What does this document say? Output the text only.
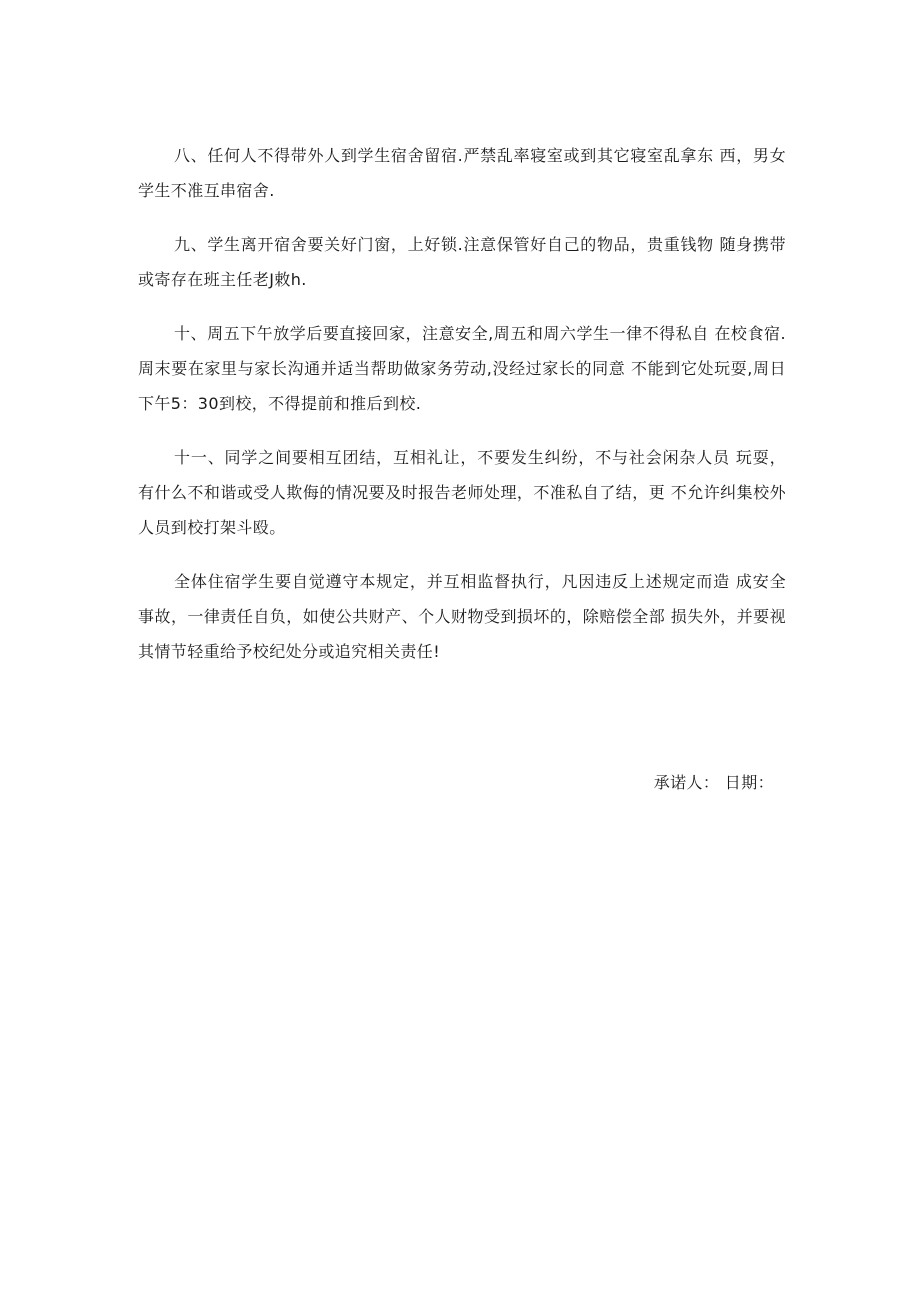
八、任何人不得带外人到学生宿舍留宿.严禁乱率寝室或到其它寝室乱拿东 西，男女学生不准互串宿舍.

九、学生离开宿舍要关好门窗，上好锁.注意保管好自己的物品，贵重钱物 随身携带或寄存在班主任老J敕h.

十、周五下午放学后要直接回家，注意安全,周五和周六学生一律不得私自 在校食宿.周末要在家里与家长沟通并适当帮助做家务劳动,没经过家长的同意 不能到它处玩耍,周日下午5：30到校，不得提前和推后到校.

十一、同学之间要相互团结，互相礼让，不要发生纠纷，不与社会闲杂人员 玩耍，有什么不和谐或受人欺侮的情况要及时报告老师处理，不准私自了结，更 不允许纠集校外人员到校打架斗殴。

全体住宿学生要自觉遵守本规定，并互相监督执行，凡因违反上述规定而造 成安全事故，一律责任自负，如使公共财产、个人财物受到损坏的，除赔偿全部 损失外，并要视其情节轻重给予校纪处分或追究相关责任!

承诺人： 日期：
